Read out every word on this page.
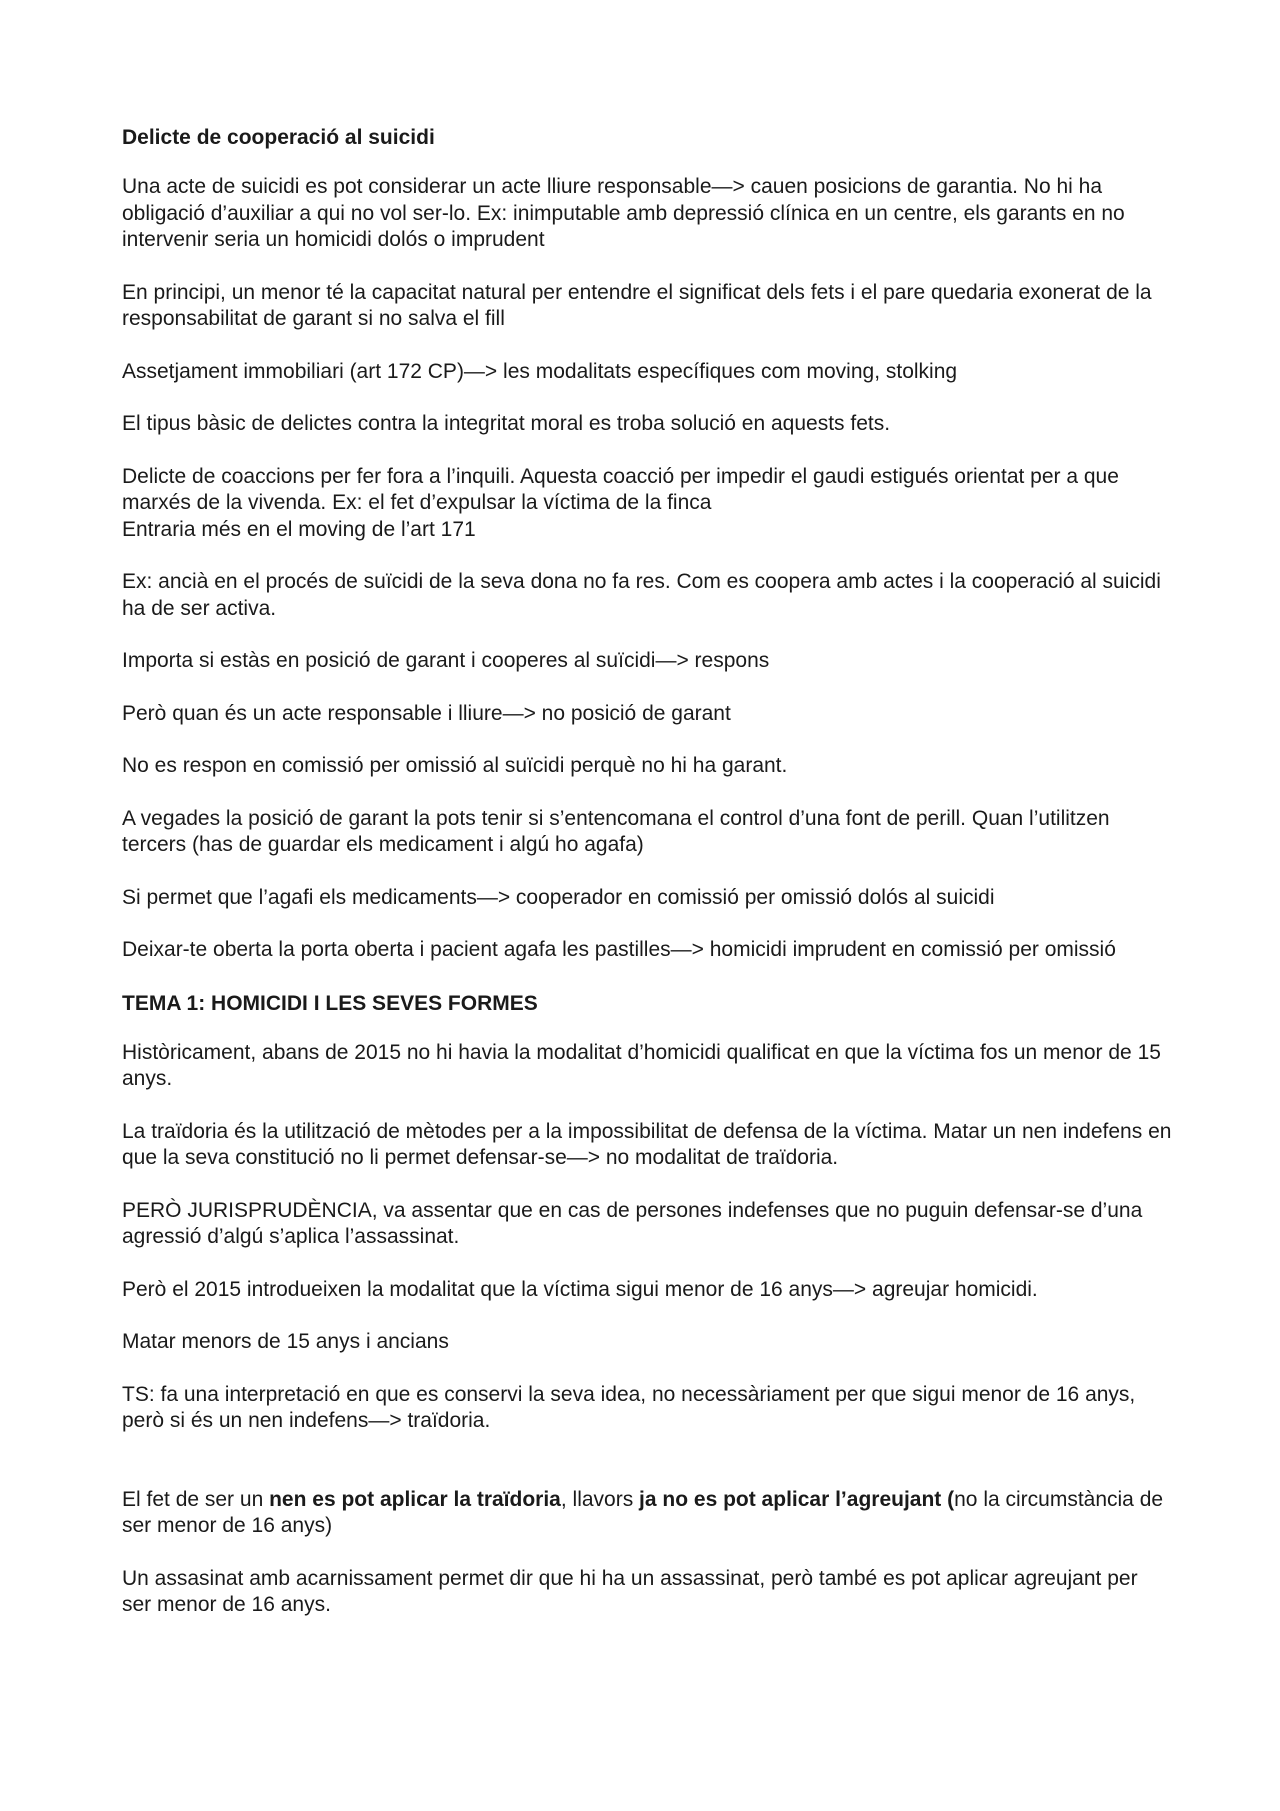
Delicte de cooperació al suicidi
Una acte de suicidi es pot considerar un acte lliure responsable—> cauen posicions de garantia. No hi ha obligació d’auxiliar a qui no vol ser-lo. Ex: inimputable amb depressió clínica en un centre, els garants en no intervenir seria un homicidi dolós o imprudent
En principi, un menor té la capacitat natural per entendre el significat dels fets i el pare quedaria exonerat de la responsabilitat de garant si no salva el fill
Assetjament immobiliari (art 172 CP)—> les modalitats específiques com moving, stolking
El tipus bàsic de delictes contra la integritat moral es troba solució en aquests fets.
Delicte de coaccions per fer fora a l’inquili. Aquesta coacció per impedir el gaudi estigués orientat per a que marxés de la vivenda. Ex: el fet d’expulsar la víctima de la finca
Entraria més en el moving de l’art 171
Ex: ancià en el procés de suïcidi de la seva dona no fa res. Com es coopera amb actes i la cooperació al suicidi ha de ser activa.
Importa si estàs en posició de garant i cooperes al suïcidi—> respons
Però quan és un acte responsable i lliure—> no posició de garant
No es respon en comissió per omissió al suïcidi perquè no hi ha garant.
A vegades la posició de garant la pots tenir si s’entencomana el control d’una font de perill. Quan l’utilitzen tercers (has de guardar els medicament i algú ho agafa)
Si permet que l’agafi els medicaments—> cooperador en comissió per omissió dolós al suicidi
Deixar-te oberta la porta oberta i pacient agafa les pastilles—> homicidi imprudent en comissió per omissió
TEMA 1: HOMICIDI I LES SEVES FORMES
Històricament, abans de 2015 no hi havia la modalitat d’homicidi qualificat en que la víctima fos un menor de 15 anys.
La traïdoria és la utilització de mètodes per a la impossibilitat de defensa de la víctima. Matar un nen indefens en que la seva constitució no li permet defensar-se—> no modalitat de traïdoria.
PERÒ JURISPRUDÈNCIA, va assentar que en cas de persones indefenses que no puguin defensar-se d’una agressió d’algú s’aplica l’assassinat.
Però el 2015 introdueixen la modalitat que la víctima sigui menor de 16 anys—> agreujar homicidi.
Matar menors de 15 anys i ancians
TS: fa una interpretació en que es conservi la seva idea, no necessàriament per que sigui menor de 16 anys, però si és un nen indefens—> traïdoria.
El fet de ser un nen es pot aplicar la traïdoria, llavors ja no es pot aplicar l’agreujant (no la circumstància de ser menor de 16 anys)
Un assasinat amb acarnissament permet dir que hi ha un assassinat, però també es pot aplicar agreujant per ser menor de 16 anys.
